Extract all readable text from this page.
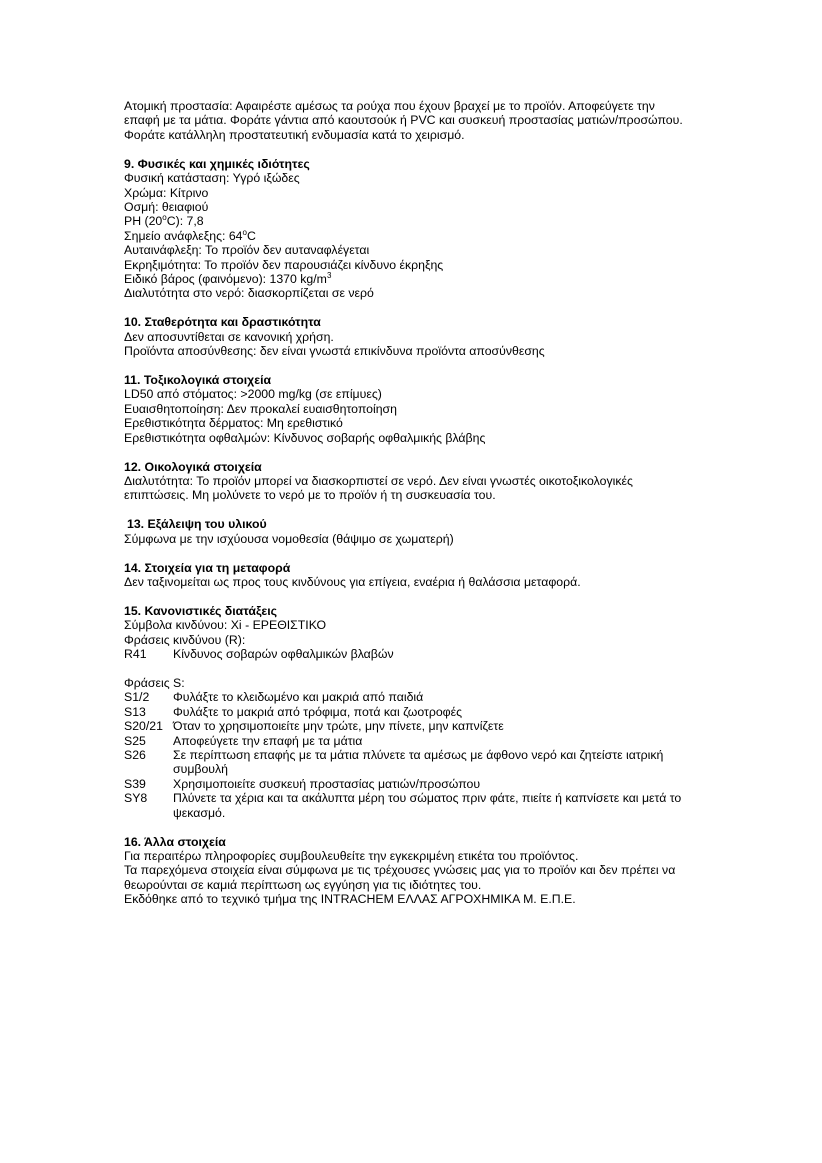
Ατομική προστασία: Αφαιρέστε αμέσως τα ρούχα που έχουν βραχεί με το προϊόν. Αποφεύγετε την
επαφή με τα μάτια. Φοράτε γάντια από καουτσούκ ή PVC και συσκευή προστασίας ματιών/προσώπου.
Φοράτε κατάλληλη προστατευτική ενδυμασία κατά το χειρισμό.
9. Φυσικές και χημικές ιδιότητες
Φυσική κατάσταση: Υγρό ιξώδες
Χρώμα: Κίτρινο
Οσμή: θειαφιού
PH (20$^o$C): 7,8
Σημείο ανάφλεξης: 64$^o$C
Αυταινάφλεξη: Το προϊόν δεν αυταναφλέγεται
Εκρηξιμότητα: Το προϊόν δεν παρουσιάζει κίνδυνο έκρηξης
Ειδικό βάρος (φαινόμενο): 1370 $kg/m^3$
Διαλυτότητα στο νερό: διασκορπίζεται σε νερό
10. Σταθερότητα και δραστικότητα
Δεν αποσυντίθεται σε κανονική χρήση.
Προϊόντα αποσύνθεσης: δεν είναι γνωστά επικίνδυνα προϊόντα αποσύνθεσης
11. Τοξικολογικά στοιχεία
LD50 από στόματος: >2000 mg/kg (σε επίμυες)
Ευαισθητοποίηση: Δεν προκαλεί ευαισθητοποίηση
Ερεθιστικότητα δέρματος: Μη ερεθιστικό
Ερεθιστικότητα οφθαλμών: Κίνδυνος σοβαρής οφθαλμικής βλάβης
12. Οικολογικά στοιχεία
Διαλυτότητα: Το προϊόν μπορεί να διασκορπιστεί σε νερό. Δεν είναι γνωστές οικοτοξικολογικές
επιπτώσεις. Μη μολύνετε το νερό με το προϊόν ή τη συσκευασία του.
13. Εξάλειψη του υλικού
Σύμφωνα με την ισχύουσα νομοθεσία (θάψιμο σε χωματερή)
14. Στοιχεία για τη μεταφορά
Δεν ταξινομείται ως προς τους κινδύνους για επίγεια, εναέρια ή θαλάσσια μεταφορά.
15. Κανονιστικές διατάξεις
Σύμβολα κινδύνου: Xi - ΕΡΕΘΙΣΤΙΚΟ
Φράσεις κινδύνου (R):
R41 Κίνδυνος σοβαρών οφθαλμικών βλαβών
Φράσεις S:
S1/2 Φυλάξτε το κλειδωμένο και μακριά από παιδιά
S13 Φυλάξτε το μακριά από τρόφιμα, ποτά και ζωοτροφές
S20/21 Όταν το χρησιμοποιείτε μην τρώτε, μην πίνετε, μην καπνίζετε
S25 Αποφεύγετε την επαφή με τα μάτια
S26 Σε περίπτωση επαφής με τα μάτια πλύνετε τα αμέσως με άφθονο νερό και ζητείστε ιατρική συμβουλή
S39 Χρησιμοποιείτε συσκευή προστασίας ματιών/προσώπου
SY8 Πλύνετε τα χέρια και τα ακάλυπτα μέρη του σώματος πριν φάτε, πιείτε ή καπνίσετε και μετά το ψεκασμό.
16. Άλλα στοιχεία
Για περαιτέρω πληροφορίες συμβουλευθείτε την εγκεκριμένη ετικέτα του προϊόντος.
Τα παρεχόμενα στοιχεία είναι σύμφωνα με τις τρέχουσες γνώσεις μας για το προϊόν και δεν πρέπει να
θεωρούνται σε καμιά περίπτωση ως εγγύηση για τις ιδιότητες του.
Εκδόθηκε από το τεχνικό τμήμα της INTRACHEM ΕΛΛΑΣ ΑΓΡΟΧΗΜΙΚΑ Μ. Ε.Π.Ε.
